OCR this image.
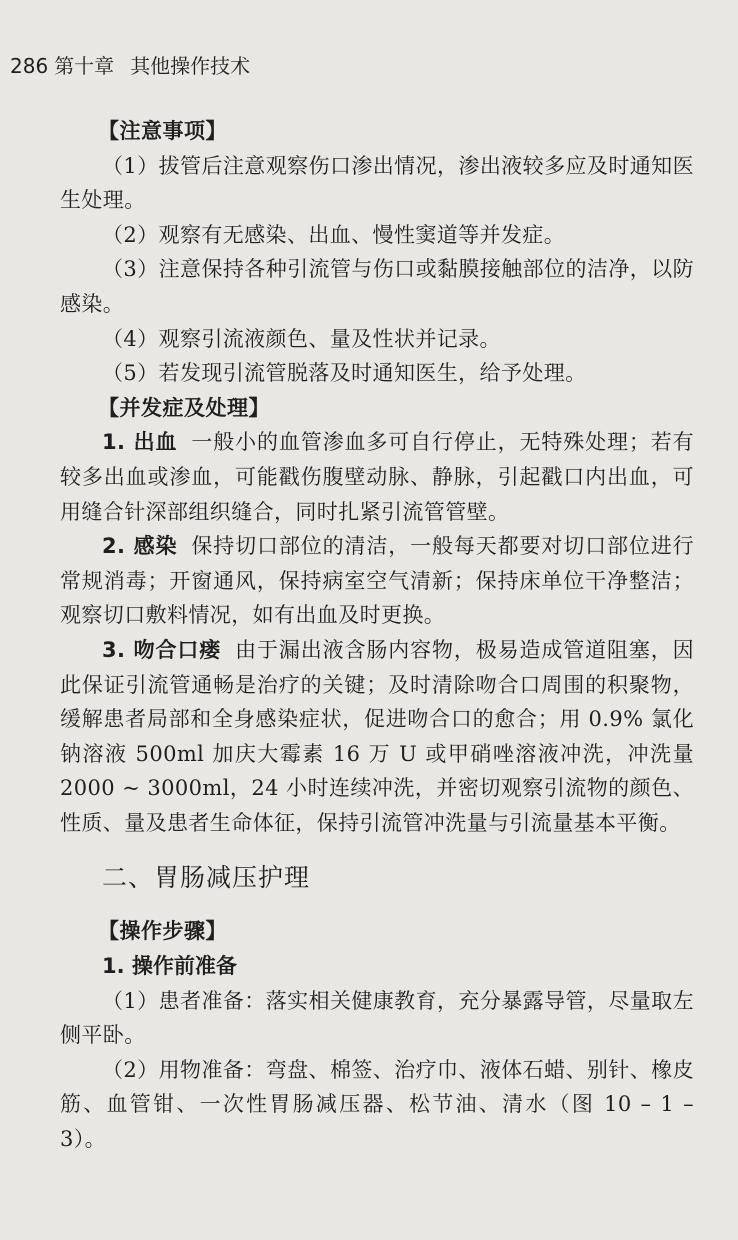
286 第十章 其他操作技术
【注意事项】
（1）拔管后注意观察伤口渗出情况，渗出液较多应及时通知医生处理。
（2）观察有无感染、出血、慢性窦道等并发症。
（3）注意保持各种引流管与伤口或黏膜接触部位的洁净，以防感染。
（4）观察引流液颜色、量及性状并记录。
（5）若发现引流管脱落及时通知医生，给予处理。
【并发症及处理】
1. 出血 一般小的血管渗血多可自行停止，无特殊处理；若有较多出血或渗血，可能戳伤腹壁动脉、静脉，引起戳口内出血，可用缝合针深部组织缝合，同时扎紧引流管管壁。
2. 感染 保持切口部位的清洁，一般每天都要对切口部位进行常规消毒；开窗通风，保持病室空气清新；保持床单位干净整洁；观察切口敷料情况，如有出血及时更换。
3. 吻合口瘘 由于漏出液含肠内容物，极易造成管道阻塞，因此保证引流管通畅是治疗的关键；及时清除吻合口周围的积聚物，缓解患者局部和全身感染症状，促进吻合口的愈合；用 0.9% 氯化钠溶液 500ml 加庆大霉素 16 万 U 或甲硝唑溶液冲洗，冲洗量 2000 ~ 3000ml，24 小时连续冲洗，并密切观察引流物的颜色、性质、量及患者生命体征，保持引流管冲洗量与引流量基本平衡。
二、胃肠减压护理
【操作步骤】
1. 操作前准备
（1）患者准备：落实相关健康教育，充分暴露导管，尽量取左侧平卧。
（2）用物准备：弯盘、棉签、治疗巾、液体石蜡、别针、橡皮筋、血管钳、一次性胃肠减压器、松节油、清水（图 10 – 1 – 3）。
